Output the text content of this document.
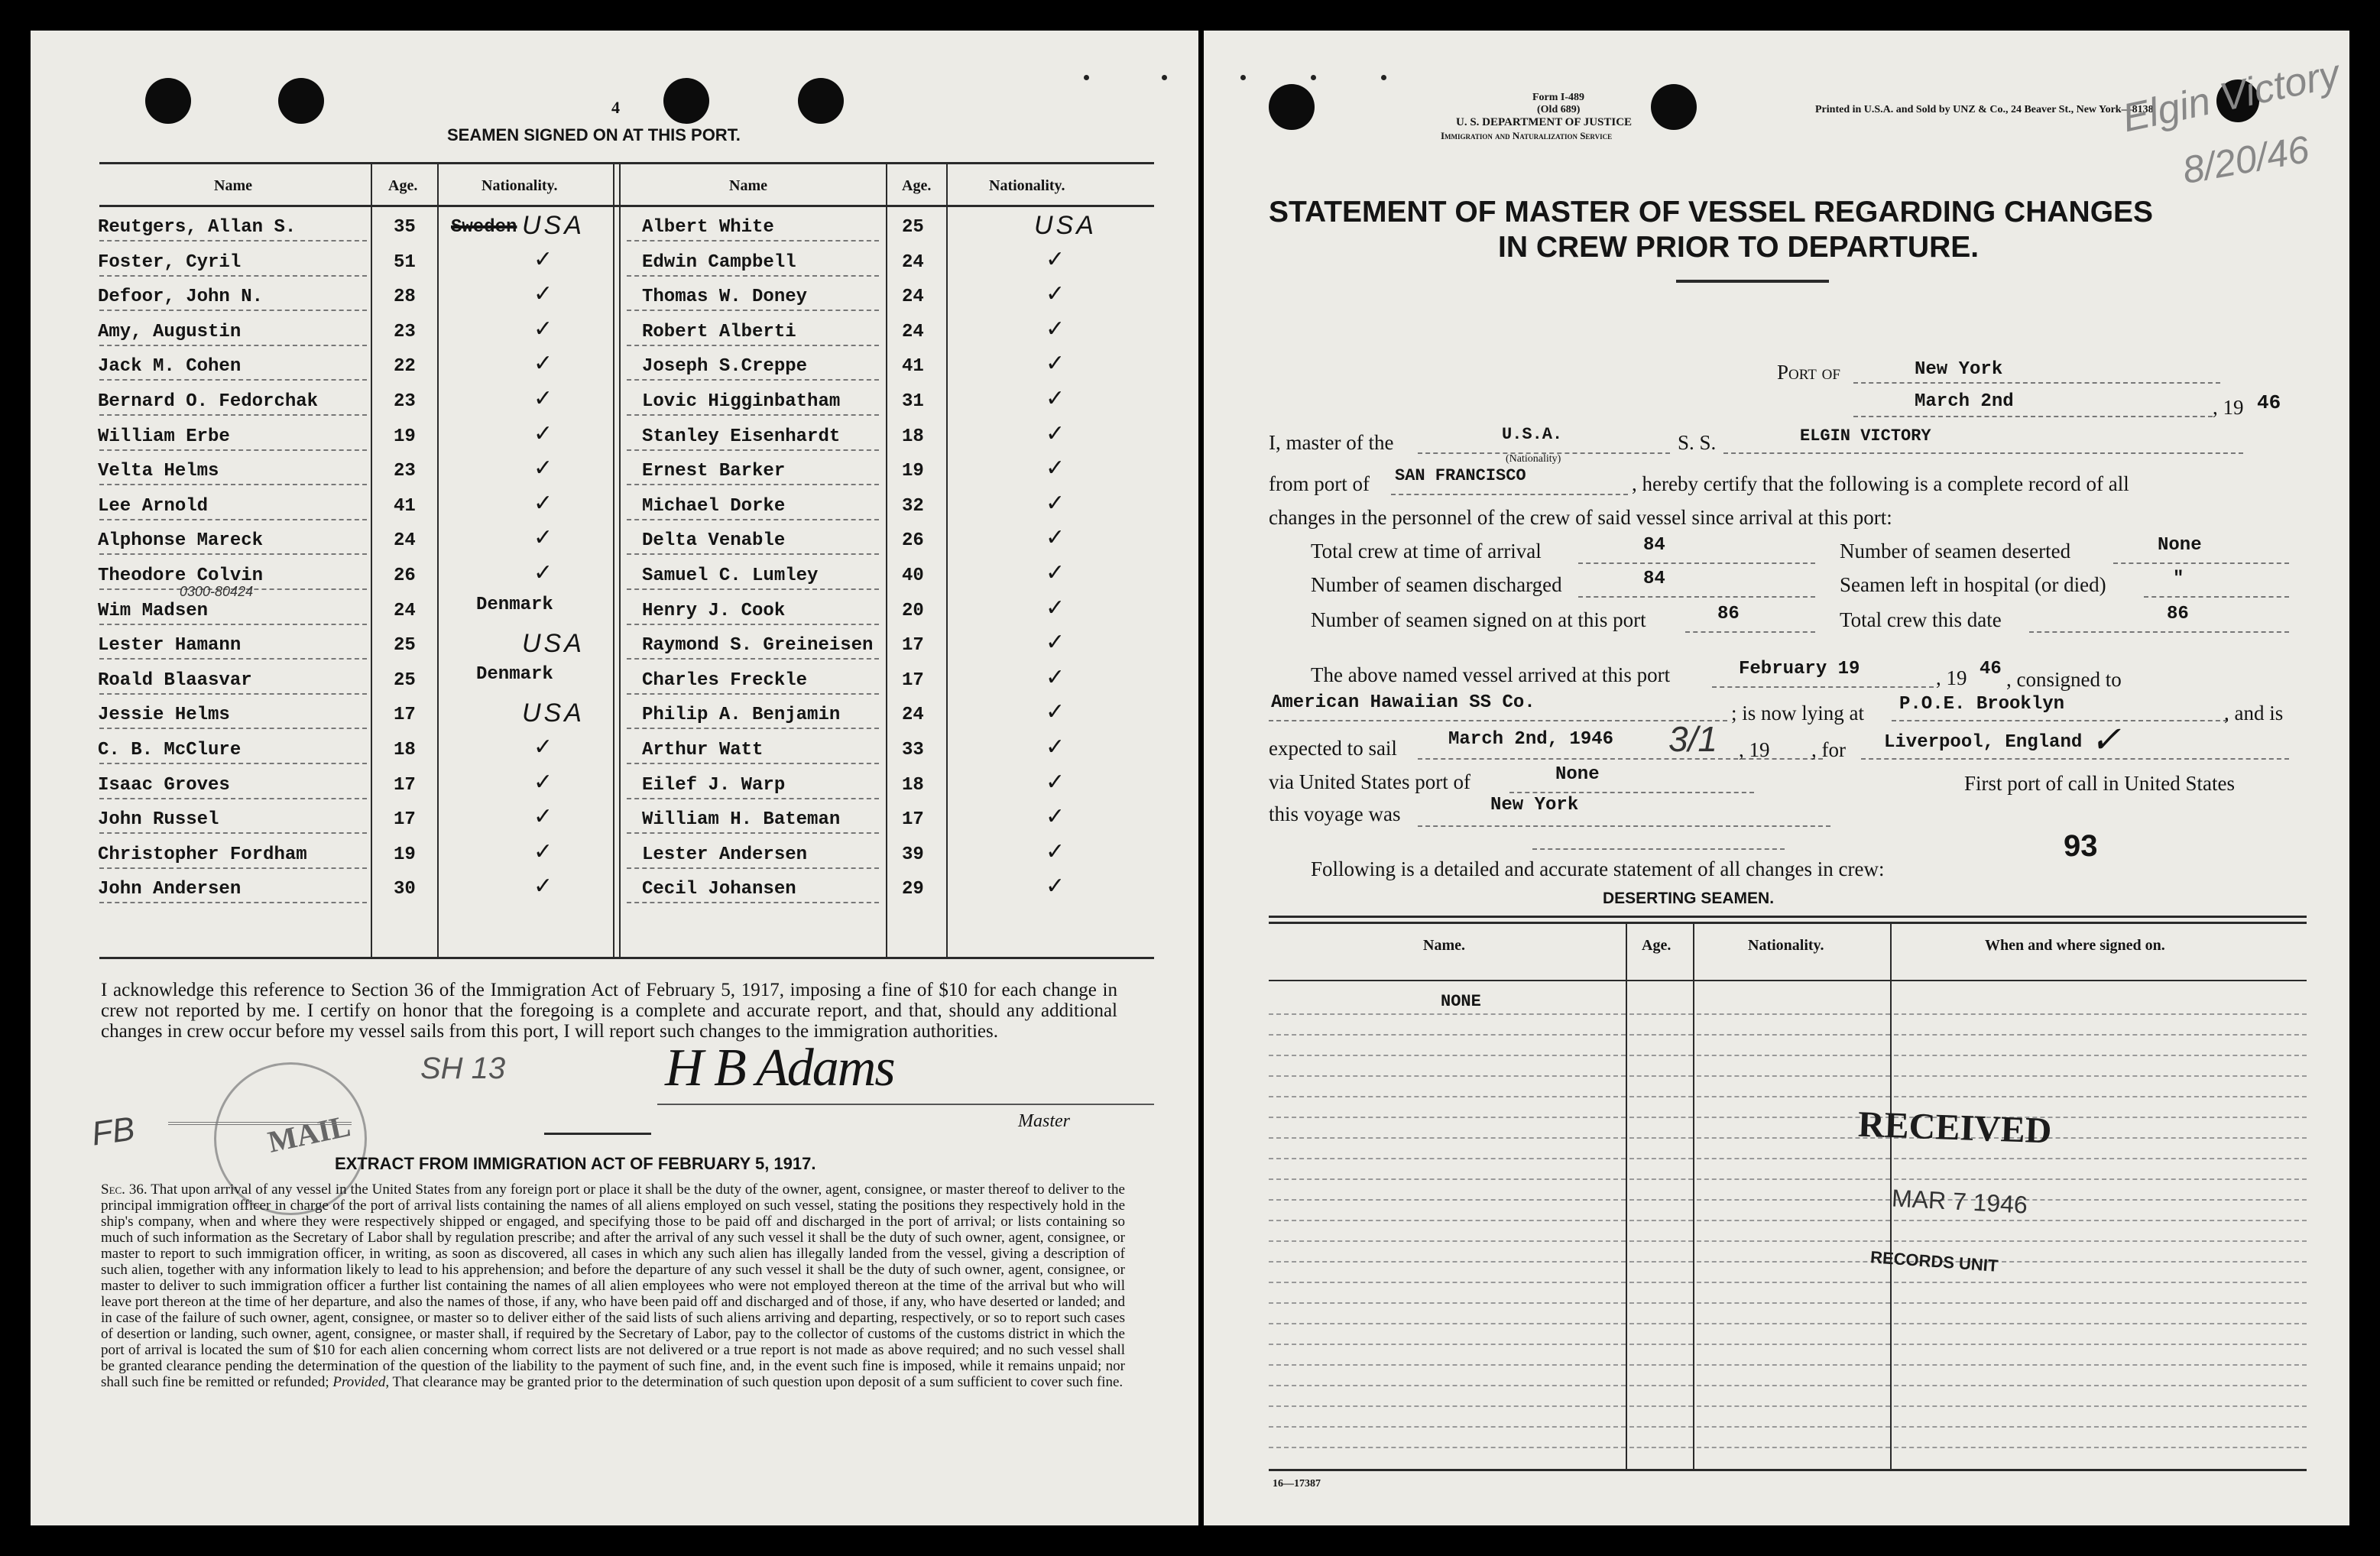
4
SEAMEN SIGNED ON AT THIS PORT.
Name	Age.	Nationality.	Name	Age.	Nationality.
Reutgers, Allan S.	35	USA
Sweden
Foster, Cyril	51	✓
Defoor, John N.	28	✓
Amy, Augustin	23	✓
Jack M. Cohen	22	✓
Bernard O. Fedorchak	23	✓
William Erbe	19	✓
Velta Helms	23	✓
Lee Arnold	41	✓
Alphonse Mareck	24	✓
Theodore Colvin	26	✓
Wim Madsen	24	Denmark
0300-80424
Lester Hamann	25	USA
Roald Blaasvar	25	Denmark
Jessie Helms	17	USA
C. B. McClure	18	✓
Isaac Groves	17	✓
John Russel	17	✓
Christopher Fordham	19	✓
John Andersen	30	✓
Albert White	25	USA
Edwin Campbell	24	✓
Thomas W. Doney	24	✓
Robert Alberti	24	✓
Joseph S.Creppe	41	✓
Lovic Higginbatham	31	✓
Stanley Eisenhardt	18	✓
Ernest Barker	19	✓
Michael Dorke	32	✓
Delta Venable	26	✓
Samuel C. Lumley	40	✓
Henry J. Cook	20	✓
Raymond S. Greineisen 17	✓
Charles Freckle	17	✓
Philip A. Benjamin	24	✓
Arthur Watt	33	✓
Eilef J. Warp	18	✓
William H. Bateman	17	✓
Lester Andersen	39	✓
Cecil Johansen	29	✓
I acknowledge this reference to Section 36 of the Immigration Act of February 5, 1917, imposing a fine of $10 for each change in crew not reported by me. I certify on honor that the foregoing is a complete and accurate report, and that, should any additional changes in crew occur before my vessel sails from this port, I will report such changes to the immigration authorities.
H B Adams
Master
SH 13
FB	MAIL
EXTRACT FROM IMMIGRATION ACT OF FEBRUARY 5, 1917.
Sec. 36. That upon arrival of any vessel in the United States from any foreign port or place it shall be the duty of the owner, agent, consignee, or master thereof to deliver to the principal immigration officer in charge of the port of arrival lists containing the names of all aliens employed on such vessel, stating the positions they respectively hold in the ship's company, when and where they were respectively shipped or engaged, and specifying those to be paid off and discharged in the port of arrival; or lists containing so much of such information as the Secretary of Labor shall by regulation prescribe; and after the arrival of any such vessel it shall be the duty of such owner, agent, consignee, or master to report to such immigration officer, in writing, as soon as discovered, all cases in which any such alien has illegally landed from the vessel, giving a description of such alien, together with any information likely to lead to his apprehension; and before the departure of any such vessel it shall be the duty of such owner, agent, consignee, or master to deliver to such immigration officer a further list containing the names of all alien employees who were not employed thereon at the time of the arrival but who will leave port thereon at the time of her departure, and also the names of those, if any, who have been paid off and discharged and of those, if any, who have deserted or landed; and in case of the failure of such owner, agent, consignee, or master so to deliver either of the said lists of such aliens arriving and departing, respectively, or so to report such cases of desertion or landing, such owner, agent, consignee, or master shall, if required by the Secretary of Labor, pay to the collector of customs of the customs district in which the port of arrival is located the sum of $10 for each alien concerning whom correct lists are not delivered or a true report is not made as above required; and no such vessel shall be granted clearance pending the determination of the question of the liability to the payment of such fine, and, in the event such fine is imposed, while it remains unpaid; nor shall such fine be remitted or refunded; Provided, That clearance may be granted prior to the determination of such question upon deposit of a sum sufficient to cover such fine.
Form I-489
(Old 689)
U. S. DEPARTMENT OF JUSTICE
Immigration and Naturalization Service
Printed in U.S.A. and Sold by UNZ & Co., 24 Beaver St., New York—8138
Elgin Victory
8/20/46
STATEMENT OF MASTER OF VESSEL REGARDING CHANGES
IN CREW PRIOR TO DEPARTURE.
Port of	New York
March 2nd	, 19 46
I, master of the	U.S.A.
(Nationality)
S. S.	ELGIN VICTORY
from port of SAN FRANCISCO	, hereby certify that the following is a complete record of all
changes in the personnel of the crew of said vessel since arrival at this port:
Total crew at time of arrival	84
Number of seamen discharged	84
Number of seamen signed on at this port	86
Number of seamen deserted	None
Seamen left in hospital (or died)	"
Total crew this date	86
The above named vessel arrived at this port	February 19	, 19 46 , consigned to
American Hawaiian SS Co.	; is now lying at P.O.E. Brooklyn	, and is
expected to sail	March 2nd, 1946 3/1 , 19 , for Liverpool, England ✓
via United States port of	None	First port of call in United States
this voyage was	New York
93
Following is a detailed and accurate statement of all changes in crew:
DESERTING SEAMEN.
Name.	Age.	Nationality.	When and where signed on.
NONE
RECEIVED
MAR 7 1946
RECORDS UNIT
16—17387
